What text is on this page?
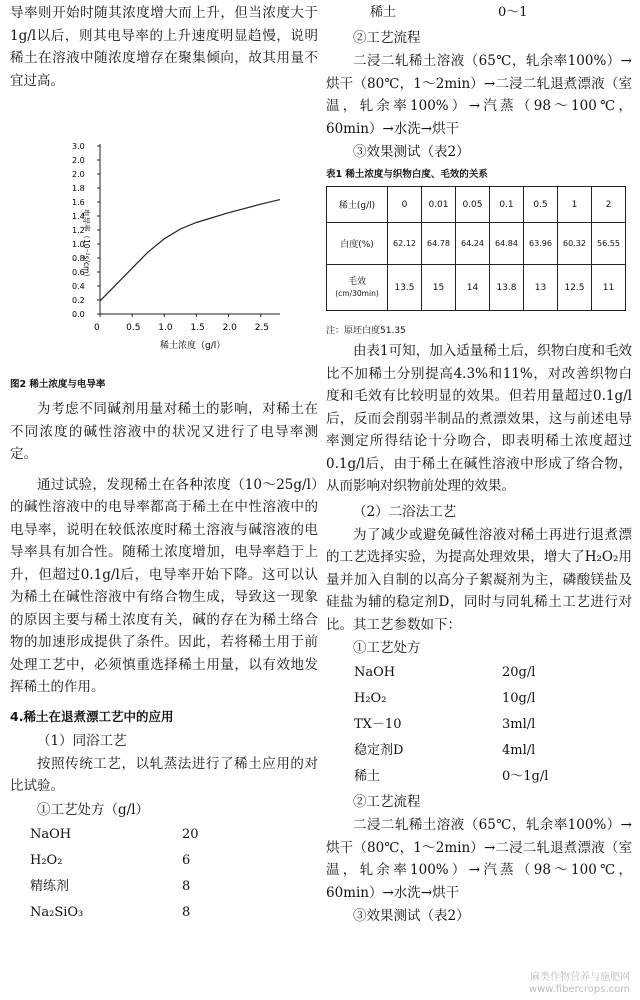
导率则开始时随其浓度增大而上升，但当浓度大于1g/l以后，则其电导率的上升速度明显趋慢，说明稀土在溶液中随浓度增存在聚集倾向，故其用量不宜过高。

3.0
2.0
2.0
1.8
1.6
1.4
1.2
1.0
0.8
0.6
0.4
0.2
0.0
0	0.5 1.0 1.5 2.0 2.5
电导率（10⁻²s/cm）
稀土浓度（g/l）
图2 稀土浓度与电导率

为考虑不同碱剂用量对稀土的影响，对稀土在不同浓度的碱性溶液中的状况又进行了电导率测定。

通过试验，发现稀土在各种浓度（10～25g/l）的碱性溶液中的电导率都高于稀土在中性溶液中的电导率，说明在较低浓度时稀土溶液与碱溶液的电导率具有加合性。随稀土浓度增加，电导率趋于上升，但超过0.1g/l后，电导率开始下降。这可以认为稀土在碱性溶液中有络合物生成，导致这一现象的原因主要与稀土浓度有关，碱的存在为稀土络合物的加速形成提供了条件。因此，若将稀土用于前处理工艺中，必须慎重选择稀土用量，以有效地发挥稀土的作用。

4.稀土在退煮漂工艺中的应用

（1）同浴工艺

按照传统工艺，以轧蒸法进行了稀土应用的对比试验。

①工艺处方（g/l）

NaOH	20
H₂O₂	6
精练剂	8
Na₂SiO₃	8
稀土	0～1

②工艺流程

二浸二轧稀土溶液（65℃，轧余率100%）→烘干（80℃，1～2min）→二浸二轧退煮漂液（室温，轧余率100%）→汽蒸（98～100℃，60min）→水洗→烘干

③效果测试（表2）

表1 稀土浓度与织物白度、毛效的关系
稀土(g/l)	0	0.01	0.05	0.1	0.5	1	2
白度(%)	62.12	64.78	64.24	64.84	63.96	60.32	56.55
毛效
(cm/30min)	13.5	15	14	13.8	13	12.5	11
注：原坯白度51.35

由表1可知，加入适量稀土后，织物白度和毛效比不加稀土分别提高4.3%和11%，对改善织物白度和毛效有比较明显的效果。但若用量超过0.1g/l后，反而会削弱半制品的煮漂效果，这与前述电导率测定所得结论十分吻合，即表明稀土浓度超过0.1g/l后，由于稀土在碱性溶液中形成了络合物，从而影响对织物前处理的效果。

（2）二浴法工艺

为了减少或避免碱性溶液对稀土再进行退煮漂的工艺选择实验，为提高处理效果，增大了H₂O₂用量并加入自制的以高分子絮凝剂为主，磷酸镁盐及硅盐为辅的稳定剂D，同时与同轧稀土工艺进行对比。其工艺参数如下：

①工艺处方

NaOH	20g/l
H₂O₂	10g/l
TX－10	3ml/l
稳定剂D	4ml/l
稀土	0～1g/l

②工艺流程

二浸二轧稀土溶液（65℃，轧余率100%）→烘干（80℃，1～2min）→二浸二轧退煮漂液（室温，轧余率100%）→汽蒸（98～100℃，60min）→水洗→烘干

③效果测试（表2）

麻类作物营养与施肥网
www.fibercrops.com
